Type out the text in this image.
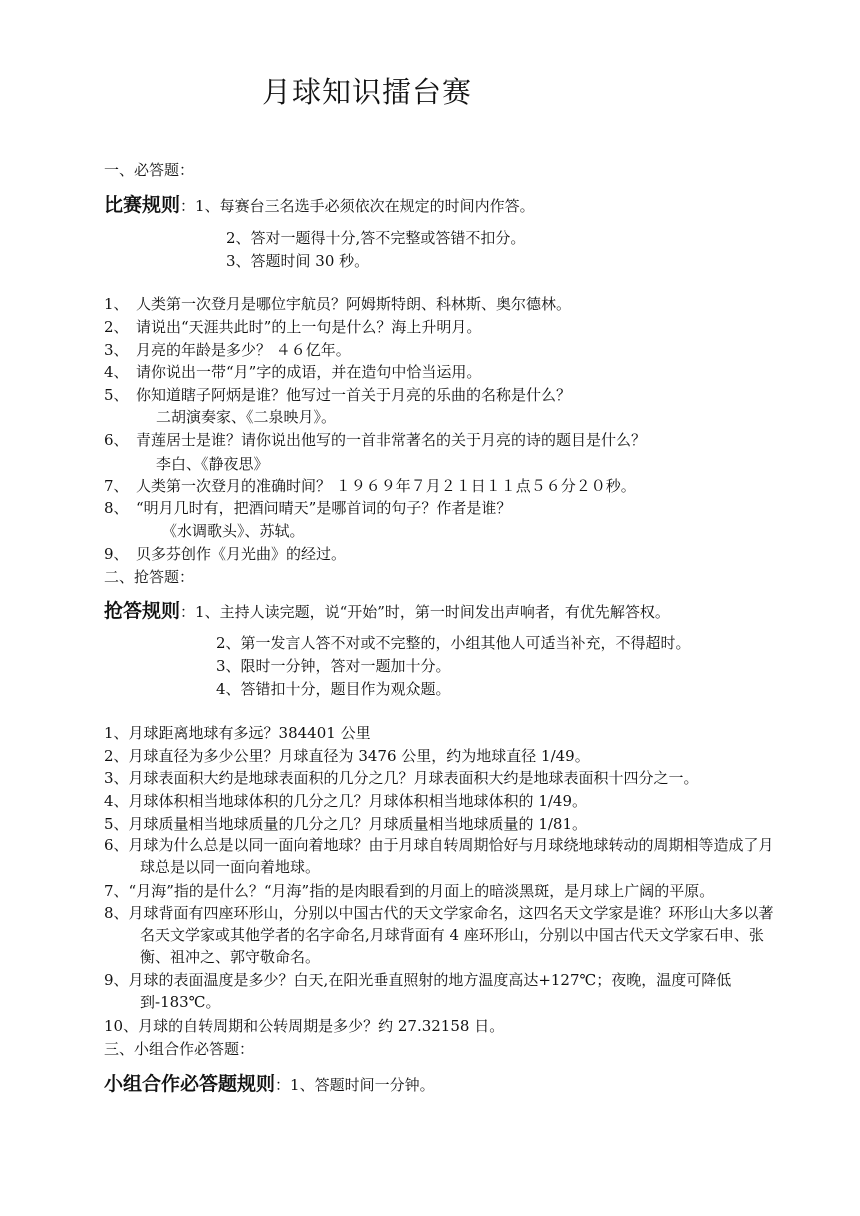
月球知识擂台赛
一、必答题：
比赛规则：1、每赛台三名选手必须依次在规定的时间内作答。
2、答对一题得十分,答不完整或答错不扣分。
3、答题时间 30 秒。
1、 人类第一次登月是哪位宇航员？阿姆斯特朗、科林斯、奥尔德林。
2、 请说出“天涯共此时”的上一句是什么？海上升明月。
3、 月亮的年龄是多少？ ４６亿年。
4、 请你说出一带“月”字的成语，并在造句中恰当运用。
5、 你知道瞎子阿炳是谁？他写过一首关于月亮的乐曲的名称是什么？
二胡演奏家、《二泉映月》。
6、 青莲居士是谁？请你说出他写的一首非常著名的关于月亮的诗的题目是什么？
李白、《静夜思》
7、 人类第一次登月的准确时间？ １９６９年７月２１日１１点５６分２０秒。
8、 “明月几时有，把酒问晴天”是哪首词的句子？作者是谁？
《水调歌头》、苏轼。
9、 贝多芬创作《月光曲》的经过。
二、抢答题：
抢答规则：1、主持人读完题，说“开始”时，第一时间发出声响者，有优先解答权。
2、第一发言人答不对或不完整的，小组其他人可适当补充，不得超时。
3、限时一分钟，答对一题加十分。
4、答错扣十分，题目作为观众题。
1、月球距离地球有多远？384401 公里
2、月球直径为多少公里？月球直径为 3476 公里，约为地球直径 1/49。
3、月球表面积大约是地球表面积的几分之几？月球表面积大约是地球表面积十四分之一。
4、月球体积相当地球体积的几分之几？月球体积相当地球体积的 1/49。
5、月球质量相当地球质量的几分之几？月球质量相当地球质量的 1/81。
6、月球为什么总是以同一面向着地球？由于月球自转周期恰好与月球绕地球转动的周期相等造成了月球总是以同一面向着地球。
7、“月海”指的是什么？“月海”指的是肉眼看到的月面上的暗淡黑斑，是月球上广阔的平原。
8、月球背面有四座环形山，分别以中国古代的天文学家命名，这四名天文学家是谁？环形山大多以著名天文学家或其他学者的名字命名,月球背面有 4 座环形山，分别以中国古代天文学家石申、张衡、祖冲之、郭守敬命名。
9、月球的表面温度是多少？白天,在阳光垂直照射的地方温度高达+127℃；夜晚，温度可降低到-183℃。
10、月球的自转周期和公转周期是多少？约 27.32158 日。
三、小组合作必答题：
小组合作必答题规则：1、答题时间一分钟。
